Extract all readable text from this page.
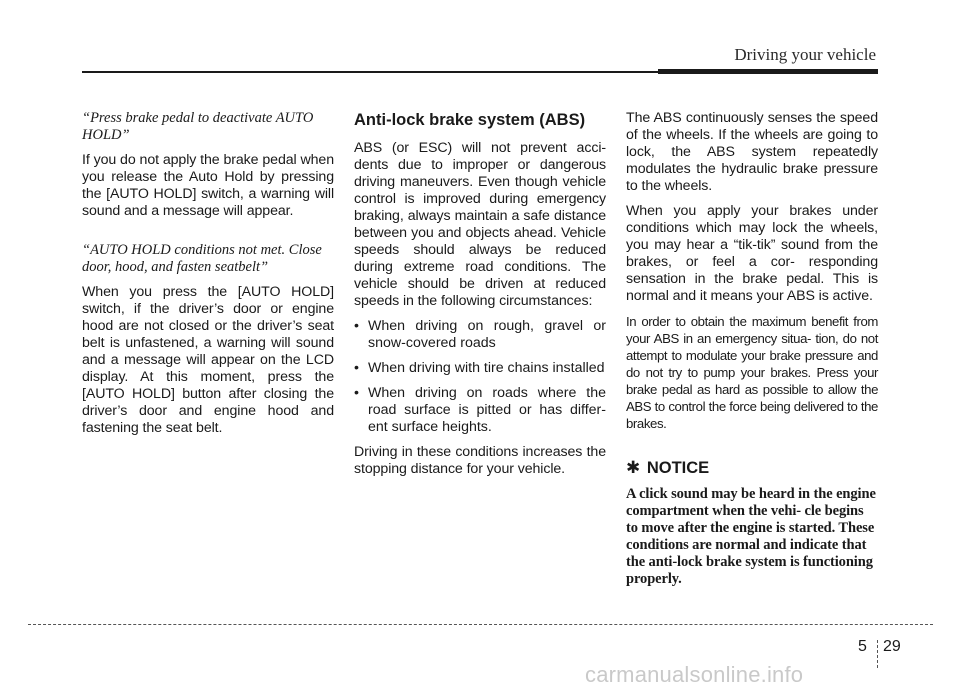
Driving your vehicle
“Press brake pedal to deactivate AUTO HOLD”

If you do not apply the brake pedal when you release the Auto Hold by pressing the [AUTO HOLD] switch, a warning will sound and a message will appear.

“AUTO HOLD conditions not met. Close door, hood, and fasten seatbelt”

When you press the [AUTO HOLD] switch, if the driver’s door or engine hood are not closed or the driver’s seat belt is unfastened, a warning will sound and a message will appear on the LCD display. At this moment, press the [AUTO HOLD] button after closing the driver’s door and engine hood and fastening the seat belt.

Anti-lock brake system (ABS)

ABS (or ESC) will not prevent acci- dents due to improper or dangerous driving maneuvers. Even though vehicle control is improved during emergency braking, always maintain a safe distance between you and objects ahead. Vehicle speeds should always be reduced during extreme road conditions. The vehicle should be driven at reduced speeds in the following circumstances:

• When driving on rough, gravel or snow-covered roads
• When driving with tire chains installed
• When driving on roads where the road surface is pitted or has differ- ent surface heights.

Driving in these conditions increases the stopping distance for your vehicle.

The ABS continuously senses the speed of the wheels. If the wheels are going to lock, the ABS system repeatedly modulates the hydraulic brake pressure to the wheels.

When you apply your brakes under conditions which may lock the wheels, you may hear a “tik-tik” sound from the brakes, or feel a cor- responding sensation in the brake pedal. This is normal and it means your ABS is active.

In order to obtain the maximum benefit from your ABS in an emergency situa- tion, do not attempt to modulate your brake pressure and do not try to pump your brakes. Press your brake pedal as hard as possible to allow the ABS to control the force being delivered to the brakes.

✱ NOTICE

A click sound may be heard in the engine compartment when the vehi- cle begins to move after the engine is started. These conditions are normal and indicate that the anti-lock brake system is functioning properly.

5 29
carmanualsonline.info
